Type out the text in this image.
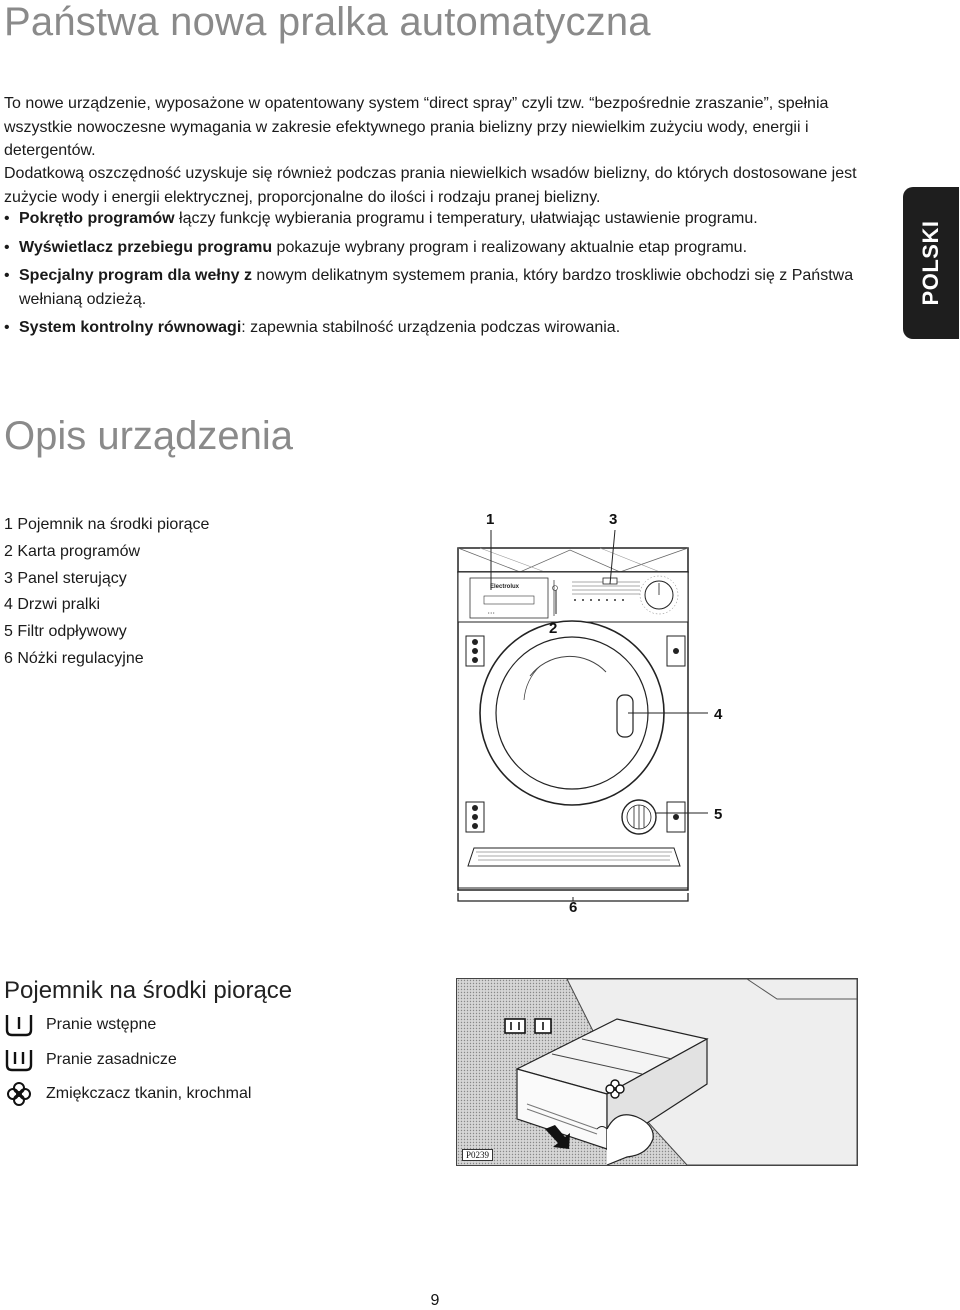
Państwa nowa pralka automatyczna

To nowe urządzenie, wyposażone w opatentowany system “direct spray” czyli tzw. “bezpośrednie zraszanie”, spełnia wszystkie nowoczesne wymagania w zakresie efektywnego prania bielizny przy niewielkim zużyciu wody, energii i detergentów.

Dodatkową oszczędność uzyskuje się również podczas prania niewielkich wsadów bielizny, do których dostosowane jest zużycie wody i energii elektrycznej, proporcjonalne do ilości i rodzaju pranej bielizny.

• Pokrętło programów łączy funkcję wybierania programu i temperatury, ułatwiając ustawienie programu.
• Wyświetlacz przebiegu programu pokazuje wybrany program i realizowany aktualnie etap programu.
• Specjalny program dla wełny z nowym delikatnym systemem prania, który bardzo troskliwie obchodzi się z Państwa wełnianą odzieżą.
• System kontrolny równowagi: zapewnia stabilność urządzenia podczas wirowania.
POLSKI
Opis urządzenia
1 Pojemnik na środki piorące
2 Karta programów
3 Panel sterujący
4 Drzwi pralki
5 Filtr odpływowy
6 Nóżki regulacyjne
Electrolux
• • •
1	3
2
4
5
6
Pojemnik na środki piorące
Pranie wstępne
Pranie zasadnicze
Zmiękczacz tkanin, krochmal
P0239
9
